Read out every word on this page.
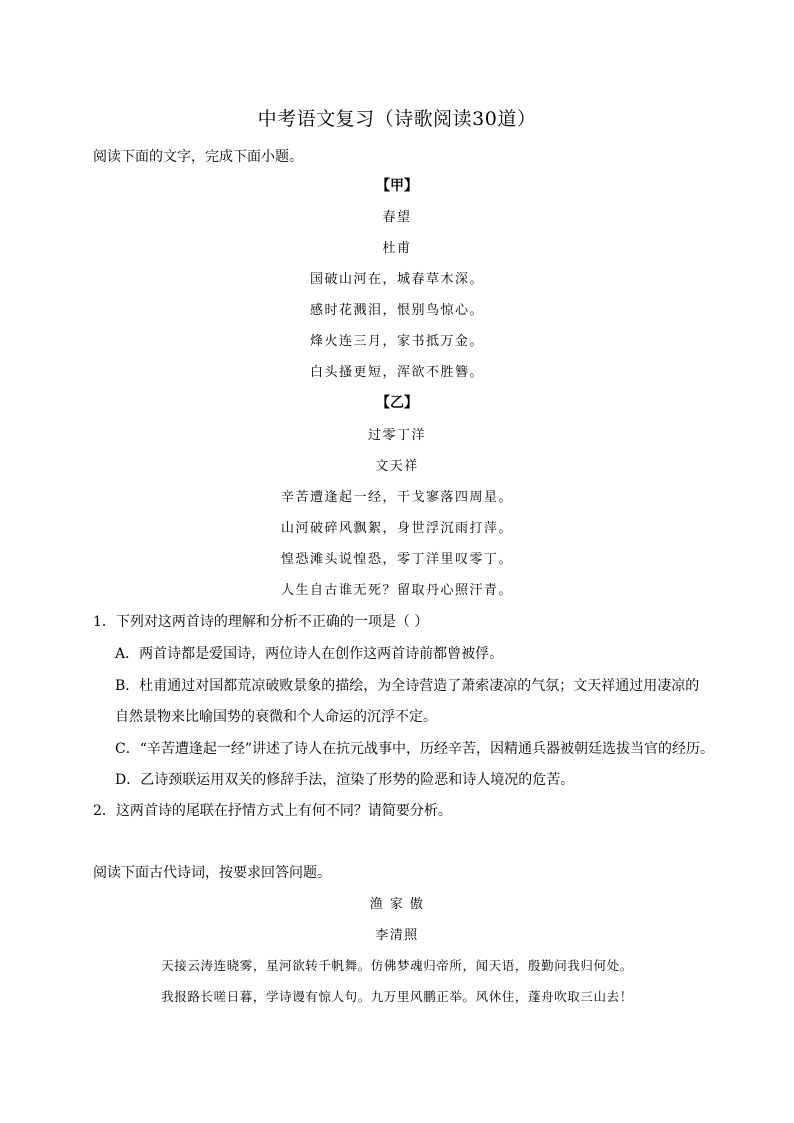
中考语文复习（诗歌阅读30道）
阅读下面的文字，完成下面小题。
【甲】
春望
杜甫
国破山河在，城春草木深。
感时花溅泪，恨别鸟惊心。
烽火连三月，家书抵万金。
白头搔更短，浑欲不胜簪。
【乙】
过零丁洋
文天祥
辛苦遭逢起一经，干戈寥落四周星。
山河破碎风飘絮，身世浮沉雨打萍。
惶恐滩头说惶恐，零丁洋里叹零丁。
人生自古谁无死？留取丹心照汗青。
1．下列对这两首诗的理解和分析不正确的一项是（ ）
A．两首诗都是爱国诗，两位诗人在创作这两首诗前都曾被俘。
B．杜甫通过对国都荒凉破败景象的描绘，为全诗营造了萧索凄凉的气氛；文天祥通过用凄凉的
自然景物来比喻国势的衰微和个人命运的沉浮不定。
C．“辛苦遭逢起一经”讲述了诗人在抗元战事中，历经辛苦，因精通兵器被朝廷选拔当官的经历。
D．乙诗颈联运用双关的修辞手法，渲染了形势的险恶和诗人境况的危苦。
2．这两首诗的尾联在抒情方式上有何不同？请简要分析。
阅读下面古代诗词，按要求回答问题。
渔 家 傲
李清照
天接云涛连晓雾，星河欲转千帆舞。仿佛梦魂归帝所，闻天语，殷勤问我归何处。
我报路长嗟日暮，学诗谩有惊人句。九万里风鹏正举。风休住，蓬舟吹取三山去！
